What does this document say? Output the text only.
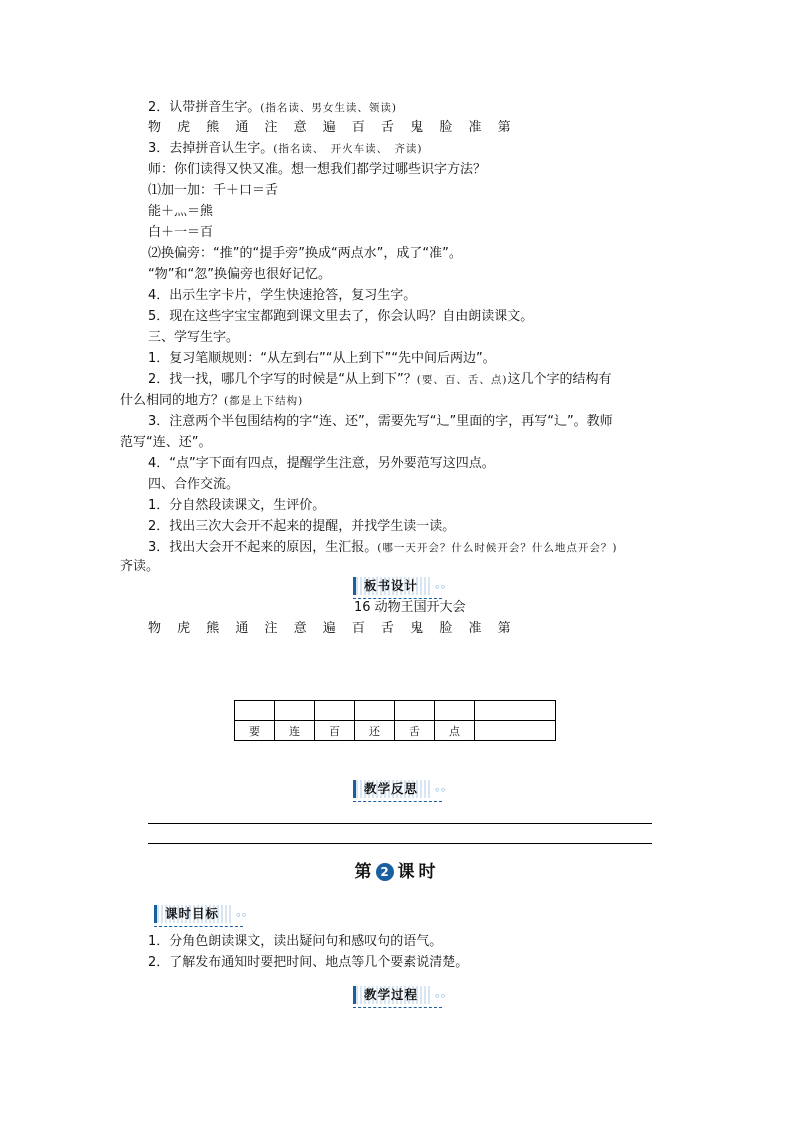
2．认带拼音生字。(指名读、男女生读、领读)
物 虎 熊 通 注 意 遍 百 舌 鬼 脸 准 第
3．去掉拼音认生字。(指名读、　开火车读、　齐读)
师：你们读得又快又准。想一想我们都学过哪些识字方法？
⑴加一加：千＋口＝舌
能＋灬＝熊
白＋一＝百
⑵换偏旁：“推”的“提手旁”换成“两点水”，成了“准”。
“物”和“忽”换偏旁也很好记忆。
4．出示生字卡片，学生快速抢答，复习生字。
5．现在这些字宝宝都跑到课文里去了，你会认吗？自由朗读课文。
三、学写生字。
1．复习笔顺规则：“从左到右”“从上到下”“先中间后两边”。
2．找一找，哪几个字写的时候是“从上到下”？(要、百、舌、点)这几个字的结构有
什么相同的地方？(都是上下结构)
3．注意两个半包围结构的字“连、还”，需要先写“辶”里面的字，再写“辶”。教师
范写“连、还”。
4．“点”字下面有四点，提醒学生注意，另外要范写这四点。
四、合作交流。
1．分自然段读课文，生评价。
2．找出三次大会开不起来的提醒，并找学生读一读。
3．找出大会开不起来的原因，生汇报。(哪一天开会？什么时候开会？什么地点开会？)
齐读。
板书设计 ◦◦
16 动物王国开大会
物 虎 熊 通 注 意 遍 百 舌 鬼 脸 准 第

要	连	百	还	舌	点	
教学反思 ◦◦
第 2 课时
课时目标 ◦◦
1．分角色朗读课文，读出疑问句和感叹句的语气。
2．了解发布通知时要把时间、地点等几个要素说清楚。
教学过程 ◦◦
